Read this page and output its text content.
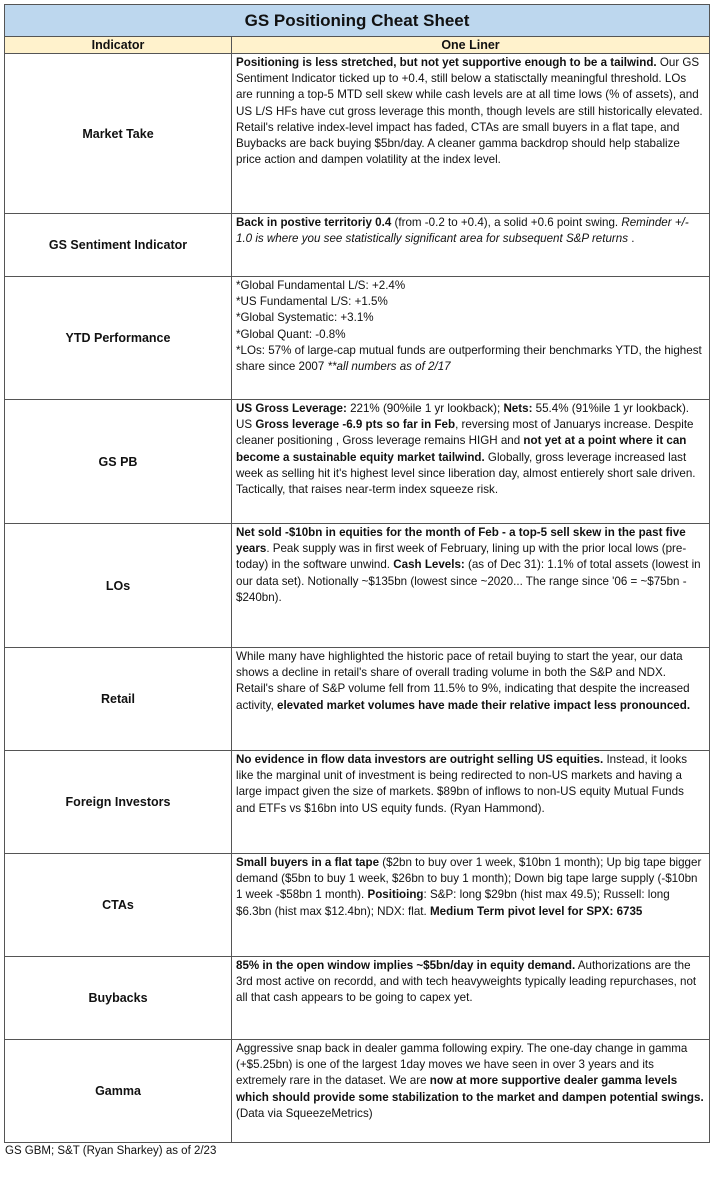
GS Positioning Cheat Sheet	
Indicator	One Liner
Market Take	Positioning is less stretched, but not yet supportive enough to be a tailwind. Our GS Sentiment Indicator ticked up to +0.4, still below a statisctally meaningful threshold. LOs are running a top-5 MTD sell skew while cash levels are at all time lows (% of assets), and US L/S HFs have cut gross leverage this month, though levels are still historically elevated. Retail's relative index-level impact has faded, CTAs are small buyers in a flat tape, and Buybacks are back buying $5bn/day. A cleaner gamma backdrop should help stabalize price action and dampen volatility at the index level.
GS Sentiment Indicator	Back in postive territoriy 0.4 (from -0.2 to +0.4), a solid +0.6 point swing. Reminder +/- 1.0 is where you see statistically significant area for subsequent S&P returns .
YTD Performance	*Global Fundamental L/S: +2.4%
*US Fundamental L/S: +1.5%
*Global Systematic: +3.1%
*Global Quant: -0.8%
*LOs: 57% of large-cap mutual funds are outperforming their benchmarks YTD, the highest share since 2007 **all numbers as of 2/17
GS PB	US Gross Leverage: 221% (90%ile 1 yr lookback); Nets: 55.4% (91%ile 1 yr lookback). US Gross leverage -6.9 pts so far in Feb, reversing most of Januarys increase. Despite cleaner positioning , Gross leverage remains HIGH and not yet at a point where it can become a sustainable equity market tailwind. Globally, gross leverage increased last week as selling hit it's highest level since liberation day, almost entierely short sale driven. Tactically, that raises near-term index squeeze risk.
LOs	Net sold -$10bn in equities for the month of Feb - a top-5 sell skew in the past five years. Peak supply was in first week of February, lining up with the prior local lows (pre-today) in the software unwind. Cash Levels: (as of Dec 31): 1.1% of total assets (lowest in our data set). Notionally ~$135bn (lowest since ~2020... The range since '06 = ~$75bn - $240bn).
Retail	While many have highlighted the historic pace of retail buying to start the year, our data shows a decline in retail's share of overall trading volume in both the S&P and NDX. Retail's share of S&P volume fell from 11.5% to 9%, indicating that despite the increased activity, elevated market volumes have made their relative impact less pronounced.
Foreign Investors	No evidence in flow data investors are outright selling US equities. Instead, it looks like the marginal unit of investment is being redirected to non-US markets and having a large impact given the size of markets. $89bn of inflows to non-US equity Mutual Funds and ETFs vs $16bn into US equity funds. (Ryan Hammond).
CTAs	Small buyers in a flat tape ($2bn to buy over 1 week, $10bn 1 month); Up big tape bigger demand ($5bn to buy 1 week, $26bn to buy 1 month); Down big tape large supply (-$10bn 1 week -$58bn 1 month). Positioing: S&P: long $29bn (hist max 49.5); Russell: long $6.3bn (hist max $12.4bn); NDX: flat. Medium Term pivot level for SPX: 6735
Buybacks	85% in the open window implies ~$5bn/day in equity demand. Authorizations are the 3rd most active on recordd, and with tech heavyweights typically leading repurchases, not all that cash appears to be going to capex yet.
Gamma	Aggressive snap back in dealer gamma following expiry. The one-day change in gamma (+$5.25bn) is one of the largest 1day moves we have seen in over 3 years and its extremely rare in the dataset. We are now at more supportive dealer gamma levels which should provide some stabilization to the market and dampen potential swings. (Data via SqueezeMetrics)
GS GBM; S&T (Ryan Sharkey) as of 2/23
